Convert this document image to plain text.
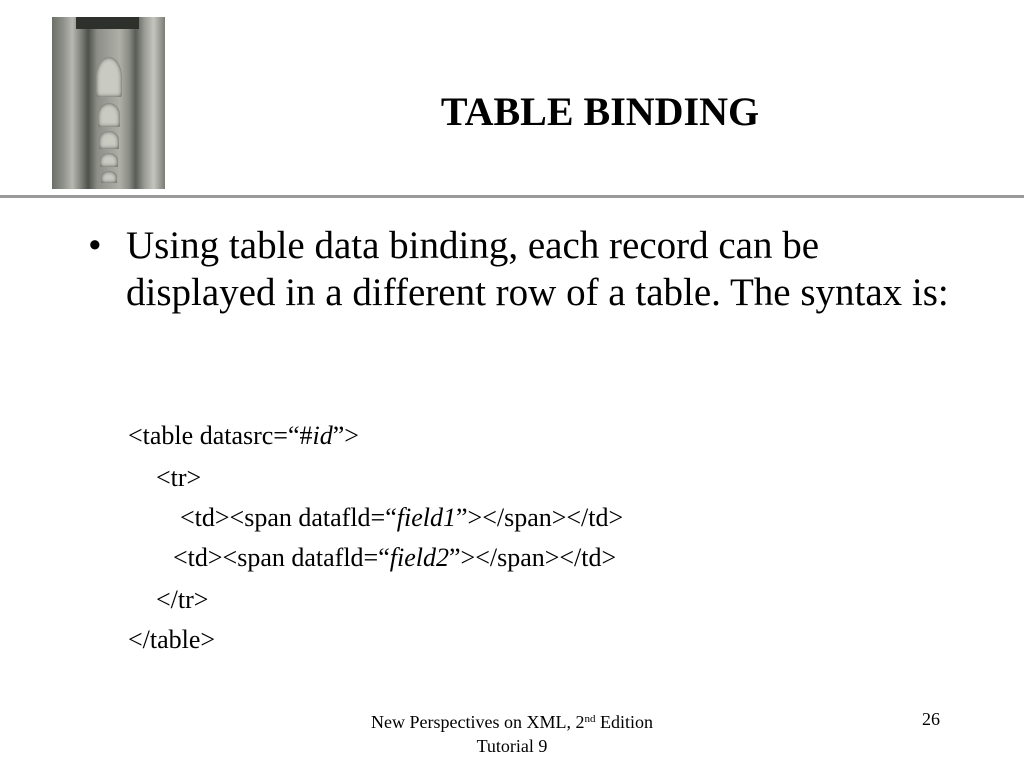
TABLE BINDING
• Using table data binding, each record can be displayed in a different row of a table. The syntax is:
<table datasrc=“#id”>
<tr>
<td><span datafld=“field1”></span></td>
<td><span datafld=“field2”></span></td>
</tr>
</table>
New Perspectives on XML, 2nd Edition
Tutorial 9
26
